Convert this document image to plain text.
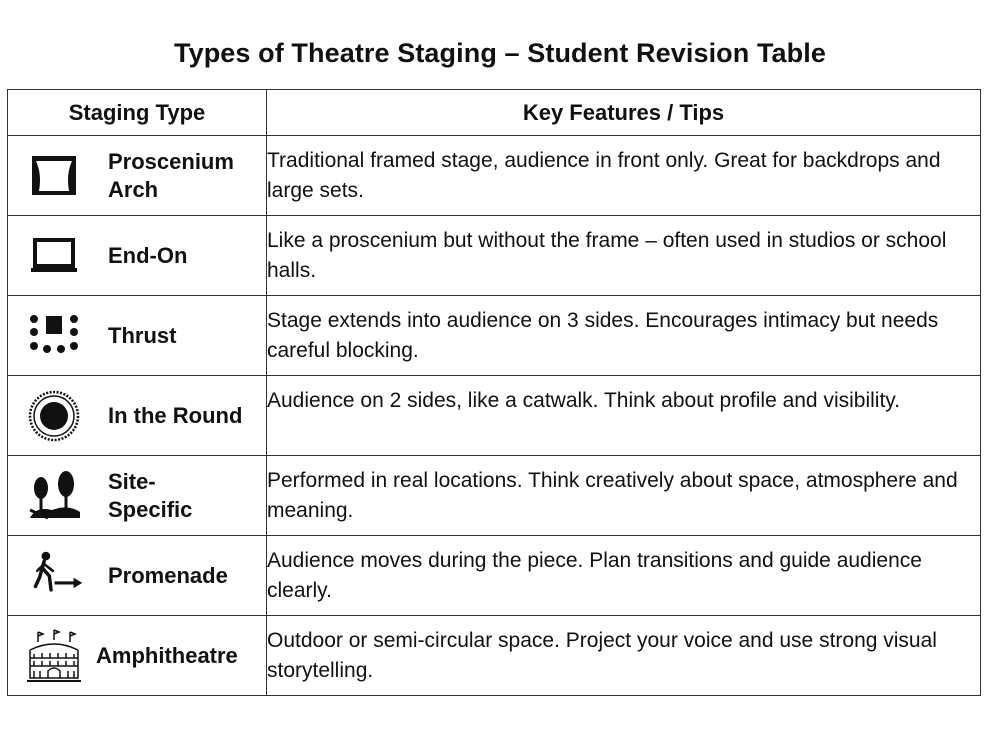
Types of Theatre Staging – Student Revision Table
Staging Type	Key Features / Tips

Proscenium
Arch	Traditional framed stage, audience in front only. Great for backdrops and large sets.

End-On	Like a proscenium but without the frame – often used in studios or school halls.

Thrust	Stage extends into audience on 3 sides. Encourages intimacy but needs careful blocking.

In the Round	Audience on 2 sides, like a catwalk. Think about profile and visibility.

Site-
Specific	Performed in real locations. Think creatively about space, atmosphere and meaning.

Promenade	Audience moves during the piece. Plan transitions and guide audience clearly.

Amphitheatre	Outdoor or semi-circular space. Project your voice and use strong visual storytelling.
